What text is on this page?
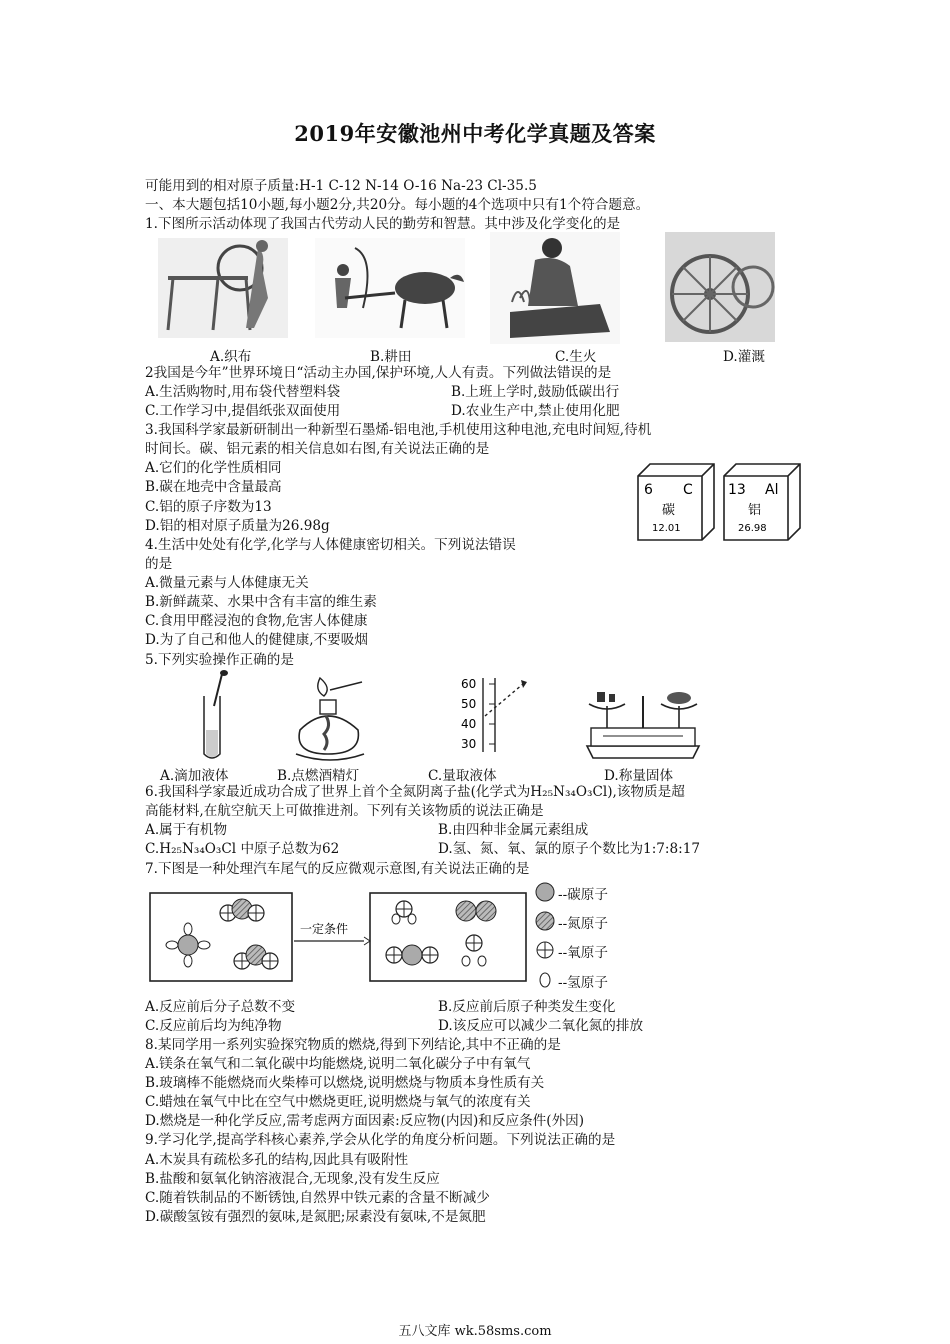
2019年安徽池州中考化学真题及答案
可能用到的相对原子质量:H-1 C-12 N-14 O-16 Na-23 Cl-35.5
一、本大题包括10小题,每小题2分,共20分。每小题的4个选项中只有1个符合题意。
1.下图所示活动体现了我国古代劳动人民的勤劳和智慧。其中涉及化学变化的是
A.织布	B.耕田	C.生火	D.灌溉
2我国是今年”世界环境日“活动主办国,保护环境,人人有责。下列做法错误的是
A.生活购物时,用布袋代替塑料袋	B.上班上学时,鼓励低碳出行
C.工作学习中,提倡纸张双面使用	D.农业生产中,禁止使用化肥
3.我国科学家最新研制出一种新型石墨烯-铝电池,手机使用这种电池,充电时间短,待机
时间长。碳、铝元素的相关信息如右图,有关说法正确的是
A.它们的化学性质相同
B.碳在地壳中含量最高
C.铝的原子序数为13
D.铝的相对原子质量为26.98g
6 C
碳
12.01
13 Al
铝
26.98
4.生活中处处有化学,化学与人体健康密切相关。下列说法错误
的是
A.微量元素与人体健康无关
B.新鲜蔬菜、水果中含有丰富的维生素
C.食用甲醛浸泡的食物,危害人体健康
D.为了自己和他人的健健康,不要吸烟
5.下列实验操作正确的是
60
50
40
30
A.滴加液体	B.点燃酒精灯	C.量取液体	D.称量固体
6.我国科学家最近成功合成了世界上首个全氮阴离子盐(化学式为H₂₅N₃₄O₃Cl),该物质是超
高能材料,在航空航天上可做推进剂。下列有关该物质的说法正确是
A.属于有机物	B.由四种非金属元素组成
C.H₂₅N₃₄O₃Cl 中原子总数为62	D.氢、氮、氧、氯的原子个数比为1:7:8:17
7.下图是一种处理汽车尾气的反应微观示意图,有关说法正确的是
一定条件
--碳原子
--氮原子
--氧原子
--氢原子
A.反应前后分子总数不变	B.反应前后原子种类发生变化
C.反应前后均为纯净物	D.该反应可以减少二氧化氮的排放
8.某同学用一系列实验探究物质的燃烧,得到下列结论,其中不正确的是
A.镁条在氧气和二氧化碳中均能燃烧,说明二氧化碳分子中有氧气
B.玻璃棒不能燃烧而火柴棒可以燃烧,说明燃烧与物质本身性质有关
C.蜡烛在氧气中比在空气中燃烧更旺,说明燃烧与氧气的浓度有关
D.燃烧是一种化学反应,需考虑两方面因素:反应物(内因)和反应条件(外因)
9.学习化学,提高学科核心素养,学会从化学的角度分析问题。下列说法正确的是
A.木炭具有疏松多孔的结构,因此具有吸附性
B.盐酸和氨氧化钠溶液混合,无现象,没有发生反应
C.随着铁制品的不断锈蚀,自然界中铁元素的含量不断减少
D.碳酸氢铵有强烈的氨味,是氮肥;尿素没有氨味,不是氮肥
五八文库 wk.58sms.com
